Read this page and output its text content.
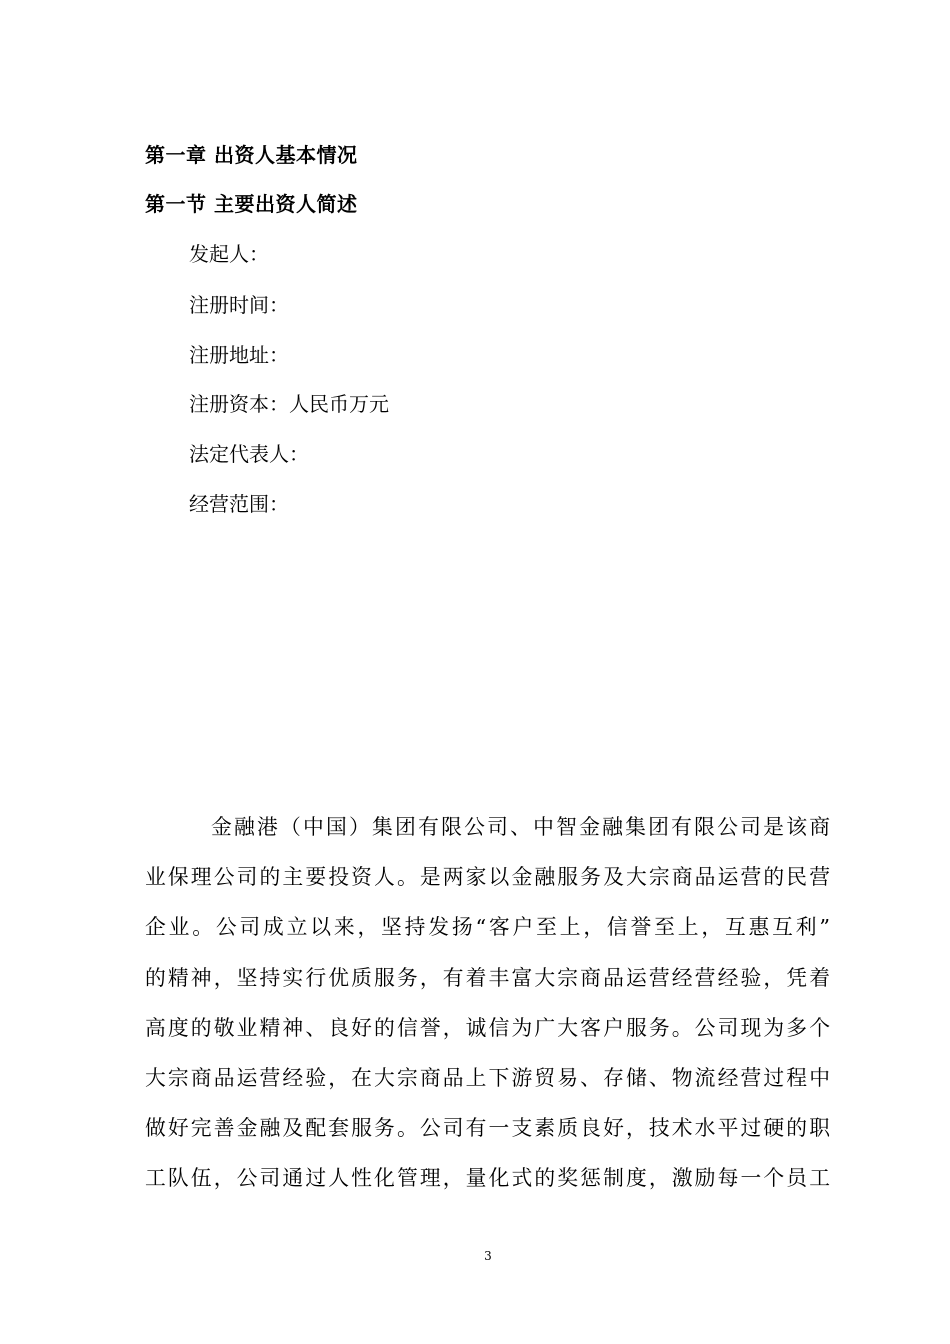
第一章 出资人基本情况
第一节 主要出资人简述
发起人：
注册时间：
注册地址：
注册资本：人民币万元
法定代表人：
经营范围：
金融港（中国）集团有限公司、中智金融集团有限公司是该商
业保理公司的主要投资人。是两家以金融服务及大宗商品运营的民营
企业。公司成立以来，坚持发扬“客户至上，信誉至上，互惠互利”
的精神，坚持实行优质服务，有着丰富大宗商品运营经营经验，凭着
高度的敬业精神、良好的信誉，诚信为广大客户服务。公司现为多个
大宗商品运营经验，在大宗商品上下游贸易、存储、物流经营过程中
做好完善金融及配套服务。公司有一支素质良好，技术水平过硬的职
工队伍，公司通过人性化管理，量化式的奖惩制度，激励每一个员工
3
